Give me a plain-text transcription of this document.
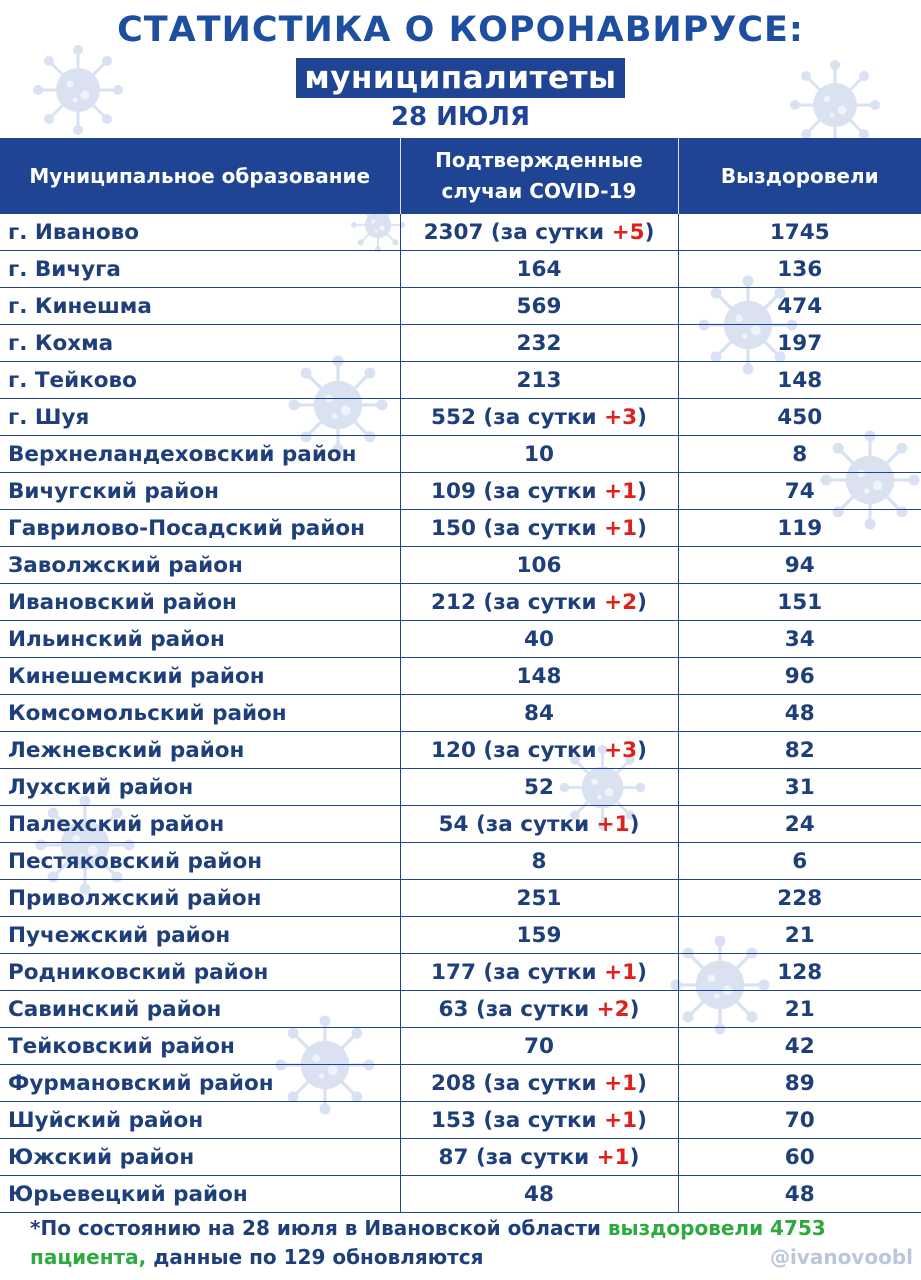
СТАТИСТИКА О КОРОНАВИРУСЕ:
муниципалитеты
28 ИЮЛЯ
Муниципальное образование	Подтвержденные случаи COVID-19	Выздоровели
г. Иваново	2307 (за сутки +5)	1745
г. Вичуга	164	136
г. Кинешма	569	474
г. Кохма	232	197
г. Тейково	213	148
г. Шуя	552 (за сутки +3)	450
Верхнеландеховский район	10	8
Вичугский район	109 (за сутки +1)	74
Гаврилово-Посадский район	150 (за сутки +1)	119
Заволжский район	106	94
Ивановский район	212 (за сутки +2)	151
Ильинский район	40	34
Кинешемский район	148	96
Комсомольский район	84	48
Лежневский район	120 (за сутки +3)	82
Лухский район	52	31
Палехский район	54 (за сутки +1)	24
Пестяковский район	8	6
Приволжский район	251	228
Пучежский район	159	21
Родниковский район	177 (за сутки +1)	128
Савинский район	63 (за сутки +2)	21
Тейковский район	70	42
Фурмановский район	208 (за сутки +1)	89
Шуйский район	153 (за сутки +1)	70
Южский район	87 (за сутки +1)	60
Юрьевецкий район	48	48
*По состоянию на 28 июля в Ивановской области выздоровели 4753 пациента, данные по 129 обновляются	@ivanovoobl
